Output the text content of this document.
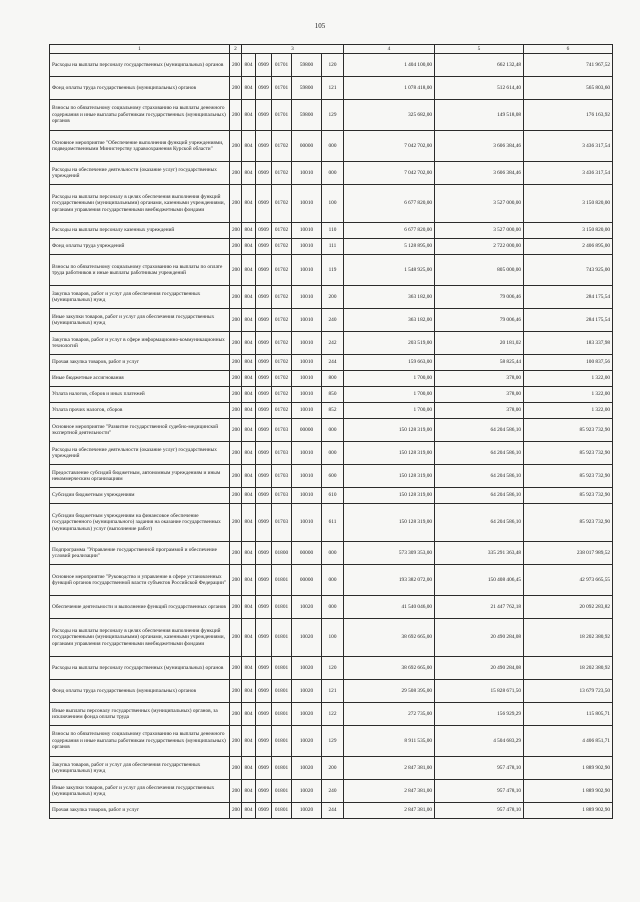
105
1	2	3					4	5	6
Расходы на выплаты персоналу государственных (муниципальных) органов	200	804	0909	01701	59800	120	1 404 100,00	662 132,48	741 967,52
Фонд оплаты труда государственных (муниципальных) органов	200	804	0909	01701	59800	121	1 078 418,00	512 614,40	565 803,60
Взносы по обязательному социальному страхованию на выплаты денежного содержания и иные выплаты работникам государственных (муниципальных) органов	200	804	0909	01701	59800	129	325 682,00	149 518,08	176 163,92
Основное мероприятие "Обеспечение выполнения функций учреждениями, подведомственными Министерству здравоохранения Курской области"	200	804	0909	01702	00000	000	7 042 702,00	3 606 384,46	3 436 317,54
Расходы на обеспечение деятельности (оказание услуг) государственных учреждений	200	804	0909	01702	10010	000	7 042 702,00	3 606 384,46	3 436 317,54
Расходы на выплаты персоналу в целях обеспечения выполнения функций государственными (муниципальными) органами, казенными учреждениями, органами управления государственными внебюджетными фондами	200	804	0909	01702	10010	100	6 677 820,00	3 527 000,00	3 150 820,00
Расходы на выплаты персоналу казенных учреждений	200	804	0909	01702	10010	110	6 677 820,00	3 527 000,00	3 150 820,00
Фонд оплаты труда учреждений	200	804	0909	01702	10010	111	5 128 895,00	2 722 000,00	2 406 895,00
Взносы по обязательному социальному страхованию на выплаты по оплате труда работников и иные выплаты работникам учреждений	200	804	0909	01702	10010	119	1 548 925,00	805 000,00	743 925,00
Закупка товаров, работ и услуг для обеспечения государственных (муниципальных) нужд	200	804	0909	01702	10010	200	363 182,00	79 006,46	284 175,54
Иные закупки товаров, работ и услуг для обеспечения государственных (муниципальных) нужд	200	804	0909	01702	10010	240	363 182,00	79 006,46	284 175,54
Закупка товаров, работ и услуг в сфере информационно-коммуникационных технологий	200	804	0909	01702	10010	242	203 519,00	20 181,02	183 337,98
Прочая закупка товаров, работ и услуг	200	804	0909	01702	10010	244	159 663,00	58 825,44	100 837,56
Иные бюджетные ассигнования	200	804	0909	01702	10010	800	1 700,00	378,00	1 322,00
Уплата налогов, сборов и иных платежей	200	804	0909	01702	10010	850	1 700,00	378,00	1 322,00
Уплата прочих налогов, сборов	200	804	0909	01702	10010	852	1 700,00	378,00	1 322,00
Основное мероприятие "Развитие государственной судебно-медицинской экспертной деятельности"	200	804	0909	01703	00000	000	150 128 319,00	64 204 586,10	85 923 732,90
Расходы на обеспечение деятельности (оказание услуг) государственных учреждений	200	804	0909	01703	10010	000	150 128 319,00	64 204 586,10	85 923 732,90
Предоставление субсидий бюджетным, автономным учреждениям и иным некоммерческим организациям	200	804	0909	01703	10010	600	150 128 319,00	64 204 586,10	85 923 732,90
Субсидии бюджетным учреждениям	200	804	0909	01703	10010	610	150 128 319,00	64 204 586,10	85 923 732,90
Субсидии бюджетным учреждениям на финансовое обеспечение государственного (муниципального) задания на оказание государственных (муниципальных) услуг (выполнение работ)	200	804	0909	01703	10010	611	150 128 319,00	64 204 586,10	85 923 732,90
Подпрограмма "Управление государственной программой и обеспечение условий реализации"	200	804	0909	01800	00000	000	573 309 353,00	335 291 363,48	238 017 989,52
Основное мероприятие "Руководство и управление в сфере установленных функций органов государственной власти субъектов Российской Федерации"	200	804	0909	01801	00000	000	193 382 072,00	150 408 406,45	42 973 665,55
Обеспечение деятельности и выполнение функций государственных органов	200	804	0909	01801	10020	000	41 540 046,00	21 447 762,18	20 092 283,82
Расходы на выплаты персоналу в целях обеспечения выполнения функций государственными (муниципальными) органами, казенными учреждениями, органами управления государственными внебюджетными фондами	200	804	0909	01801	10020	100	38 692 665,00	20 490 284,08	18 202 380,92
Расходы на выплаты персоналу государственных (муниципальных) органов	200	804	0909	01801	10020	120	38 692 665,00	20 490 284,08	18 202 380,92
Фонд оплаты труда государственных (муниципальных) органов	200	804	0909	01801	10020	121	29 508 395,00	15 828 671,50	13 679 723,50
Иные выплаты персоналу государственных (муниципальных) органов, за исключением фонда оплаты труда	200	804	0909	01801	10020	122	272 735,00	156 929,29	115 805,71
Взносы по обязательному социальному страхованию на выплаты денежного содержания и иные выплаты работникам государственных (муниципальных) органов	200	804	0909	01801	10020	129	8 911 535,00	4 504 683,29	4 406 851,71
Закупка товаров, работ и услуг для обеспечения государственных (муниципальных) нужд	200	804	0909	01801	10020	200	2 847 381,00	957 478,10	1 889 902,90
Иные закупки товаров, работ и услуг для обеспечения государственных (муниципальных) нужд	200	804	0909	01801	10020	240	2 847 381,00	957 478,10	1 889 902,90
Прочая закупка товаров, работ и услуг	200	804	0909	01801	10020	244	2 847 381,00	957 478,10	1 889 902,90
